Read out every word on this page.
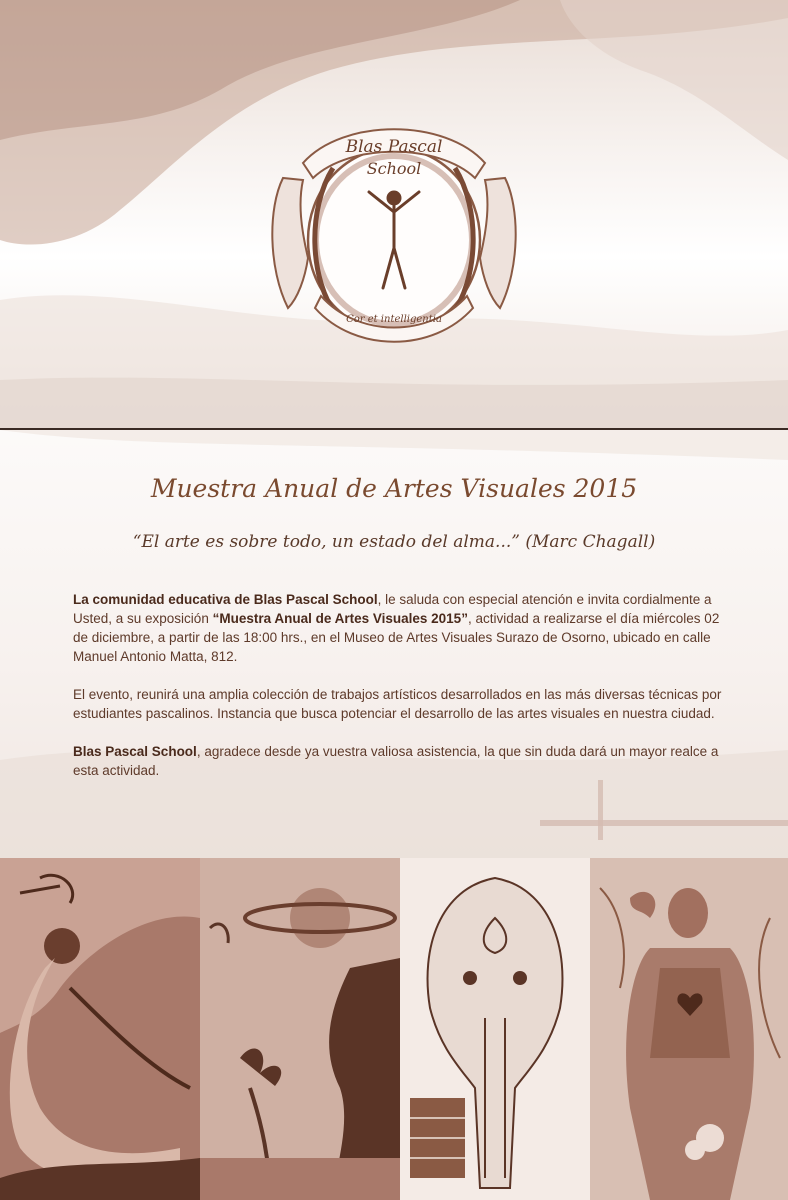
Blas Pascal
School
Cor et intelligentia
Muestra Anual de Artes Visuales 2015

“El arte es sobre todo, un estado del alma...” (Marc Chagall)

La comunidad educativa de Blas Pascal School, le saluda con especial atención e invita cordialmente a Usted, a su exposición “Muestra Anual de Artes Visuales 2015”, actividad a realizarse el día miércoles 02 de diciembre, a partir de las 18:00 hrs., en el Museo de Artes Visuales Surazo de Osorno, ubicado en calle Manuel Antonio Matta, 812.

El evento, reunirá una amplia colección de trabajos artísticos desarrollados en las más diversas técnicas por estudiantes pascalinos. Instancia que busca potenciar el desarrollo de las artes visuales en nuestra ciudad.

Blas Pascal School, agradece desde ya vuestra valiosa asistencia, la que sin duda dará un mayor realce a esta actividad.
